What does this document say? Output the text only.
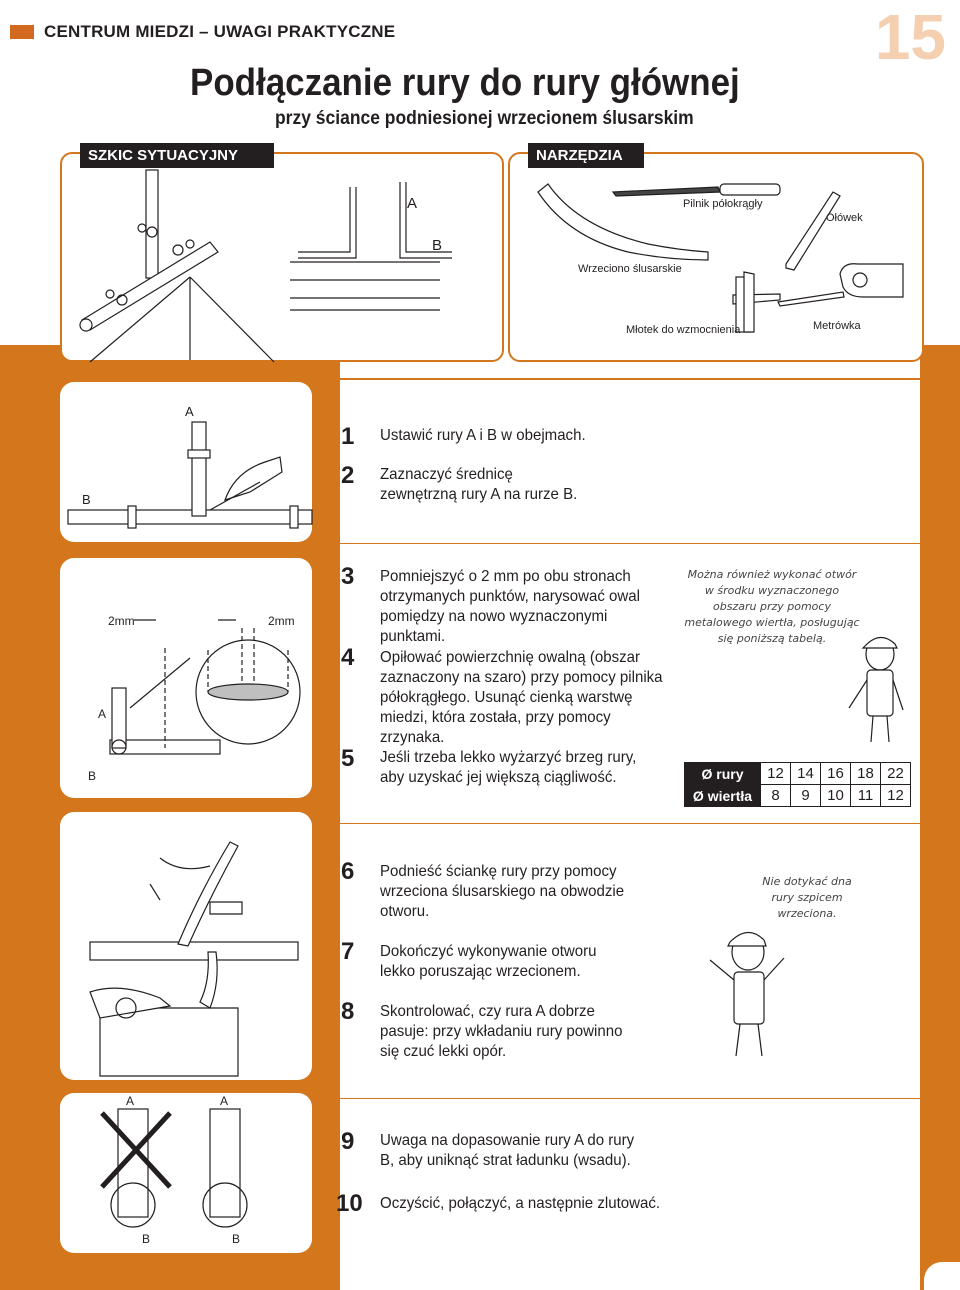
CENTRUM MIEDZI – UWAGI PRAKTYCZNE	15
Podłączanie rury do rury głównej
przy ściance podniesionej wrzecionem ślusarskim
SZKIC SYTUACYJNY	NARZĘDZIA
A
B
Pilnik półokrągły
Ołówek
Wrzeciono ślusarskie
Młotek do wzmocnienia	Metrówka
A
B
2mm	2mm
A
B
A	A
B	B
1 Ustawić rury A i B w obejmach.
2 Zaznaczyć średnicę zewnętrzną rury A na rurze B.
3 Pomniejszyć o 2 mm po obu stronach otrzymanych punktów, narysować owal pomiędzy na nowo wyznaczonymi punktami.
4 Opiłować powierzchnię owalną (obszar zaznaczony na szaro) przy pomocy pilnika półokrągłego. Usunąć cienką warstwę miedzi, która została, przy pomocy zrzynaka.
5 Jeśli trzeba lekko wyżarzyć brzeg rury, aby uzyskać jej większą ciągliwość.
6 Podnieść ściankę rury przy pomocy wrzeciona ślusarskiego na obwodzie otworu.
7 Dokończyć wykonywanie otworu lekko poruszając wrzecionem.
8 Skontrolować, czy rura A dobrze pasuje: przy wkładaniu rury powinno się czuć lekki opór.
9 Uwaga na dopasowanie rury A do rury B, aby uniknąć strat ładunku (wsadu).
10 Oczyścić, połączyć, a następnie zlutować.
Można również wykonać otwór w środku wyznaczonego obszaru przy pomocy metalowego wiertła, posługując się poniższą tabelą.
Ø rury	12	14	16	18	22
Ø wiertła	8	9	10	11	12
Nie dotykać dna rury szpicem wrzeciona.
